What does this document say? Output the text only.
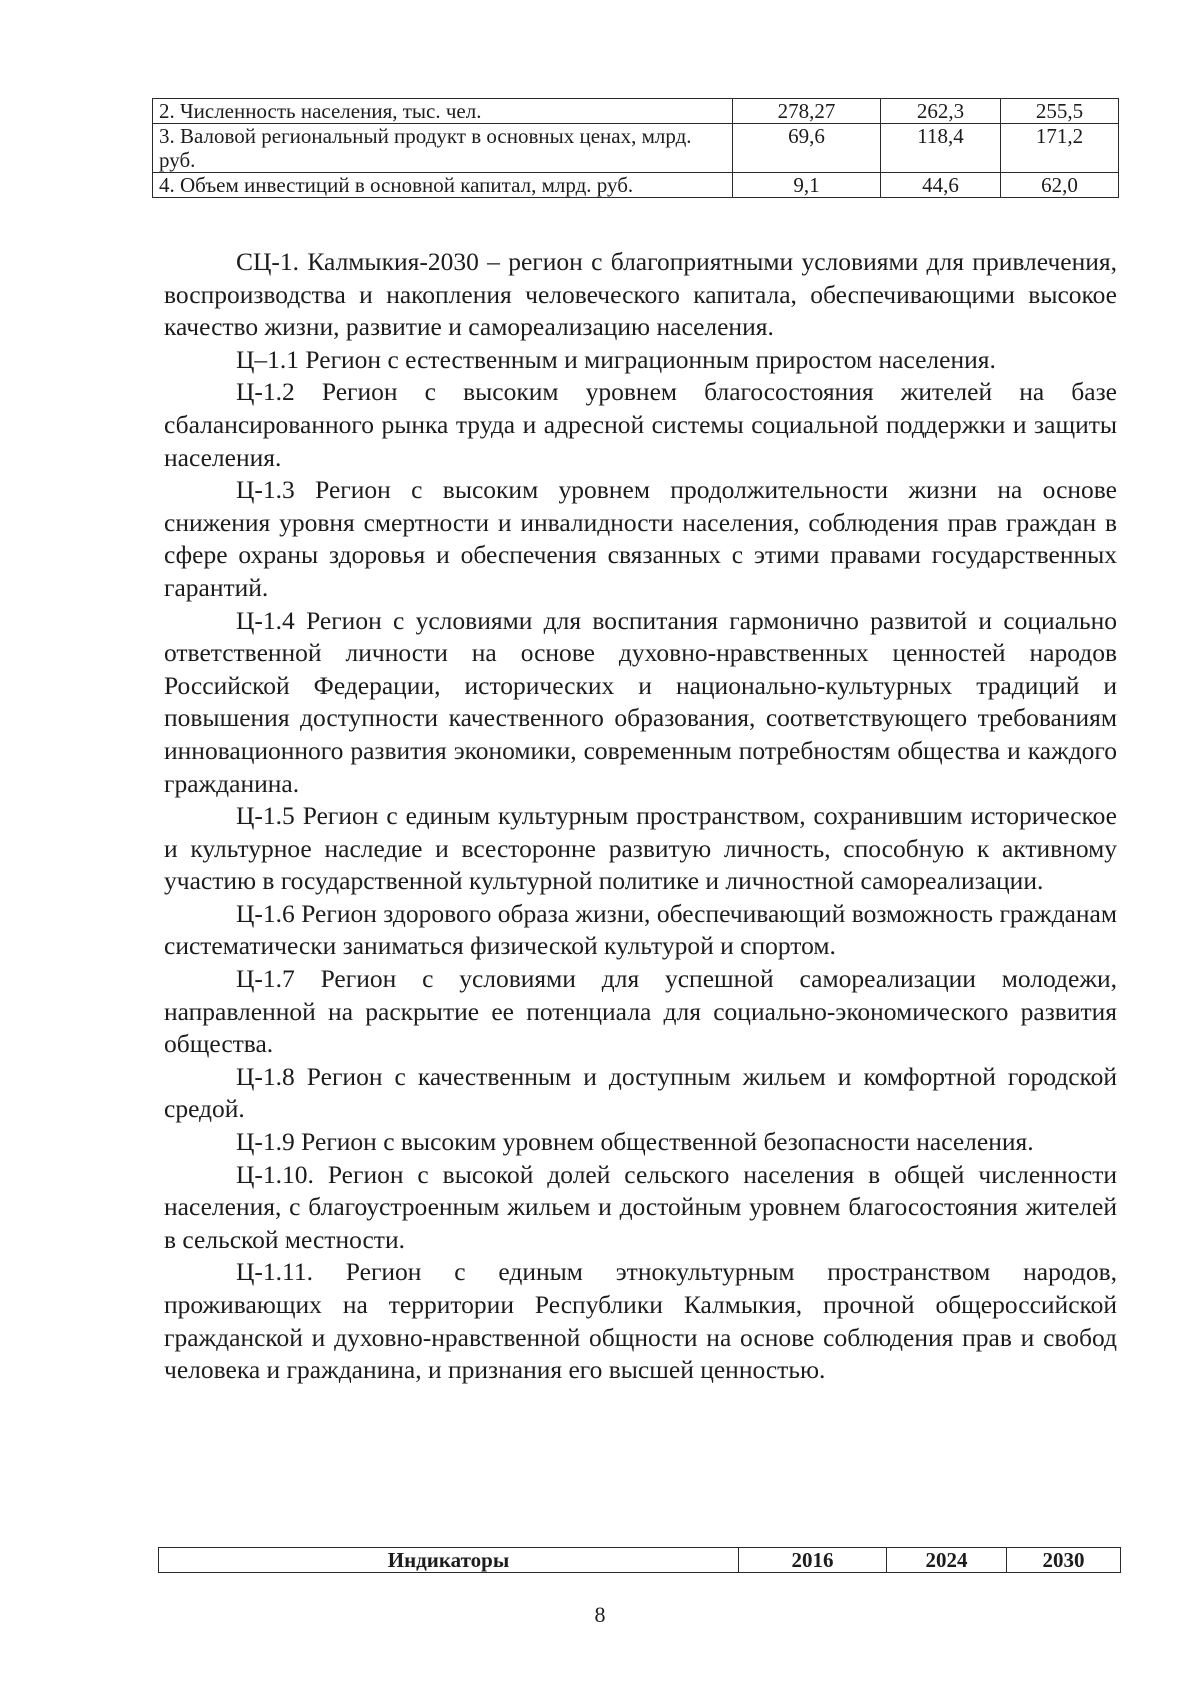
2. Численность населения, тыс. чел.	278,27	262,3	255,5
3. Валовой региональный продукт в основных ценах, млрд. руб.	69,6	118,4	171,2
4. Объем инвестиций в основной капитал, млрд. руб.	9,1	44,6	62,0

СЦ-1. Калмыкия-2030 – регион с благоприятными условиями для привлечения, воспроизводства и накопления человеческого капитала, обеспечивающими высокое качество жизни, развитие и самореализацию населения.

Ц–1.1 Регион с естественным и миграционным приростом населения.

Ц-1.2 Регион с высоким уровнем благосостояния жителей на базе сбалансированного рынка труда и адресной системы социальной поддержки и защиты населения.

Ц-1.3 Регион с высоким уровнем продолжительности жизни на основе снижения уровня смертности и инвалидности населения, соблюдения прав граждан в сфере охраны здоровья и обеспечения связанных с этими правами государственных гарантий.

Ц-1.4 Регион с условиями для воспитания гармонично развитой и социально ответственной личности на основе духовно-нравственных ценностей народов Российской Федерации, исторических и национально-культурных традиций и повышения доступности качественного образования, соответствующего требованиям инновационного развития экономики, современным потребностям общества и каждого гражданина.

Ц-1.5 Регион с единым культурным пространством, сохранившим историческое и культурное наследие и всесторонне развитую личность, способную к активному участию в государственной культурной политике и личностной самореализации.

Ц-1.6 Регион здорового образа жизни, обеспечивающий возможность гражданам систематически заниматься физической культурой и спортом.

Ц-1.7 Регион с условиями для успешной самореализации молодежи, направленной на раскрытие ее потенциала для социально-экономического развития общества.

Ц-1.8 Регион с качественным и доступным жильем и комфортной городской средой.

Ц-1.9 Регион с высоким уровнем общественной безопасности населения.

Ц-1.10. Регион с высокой долей сельского населения в общей численности населения, с благоустроенным жильем и достойным уровнем благосостояния жителей в сельской местности.

Ц-1.11. Регион с единым этнокультурным пространством народов, проживающих на территории Республики Калмыкия, прочной общероссийской гражданской и духовно-нравственной общности на основе соблюдения прав и свобод человека и гражданина, и признания его высшей ценностью.

Индикаторы	2016	2024	2030
8
